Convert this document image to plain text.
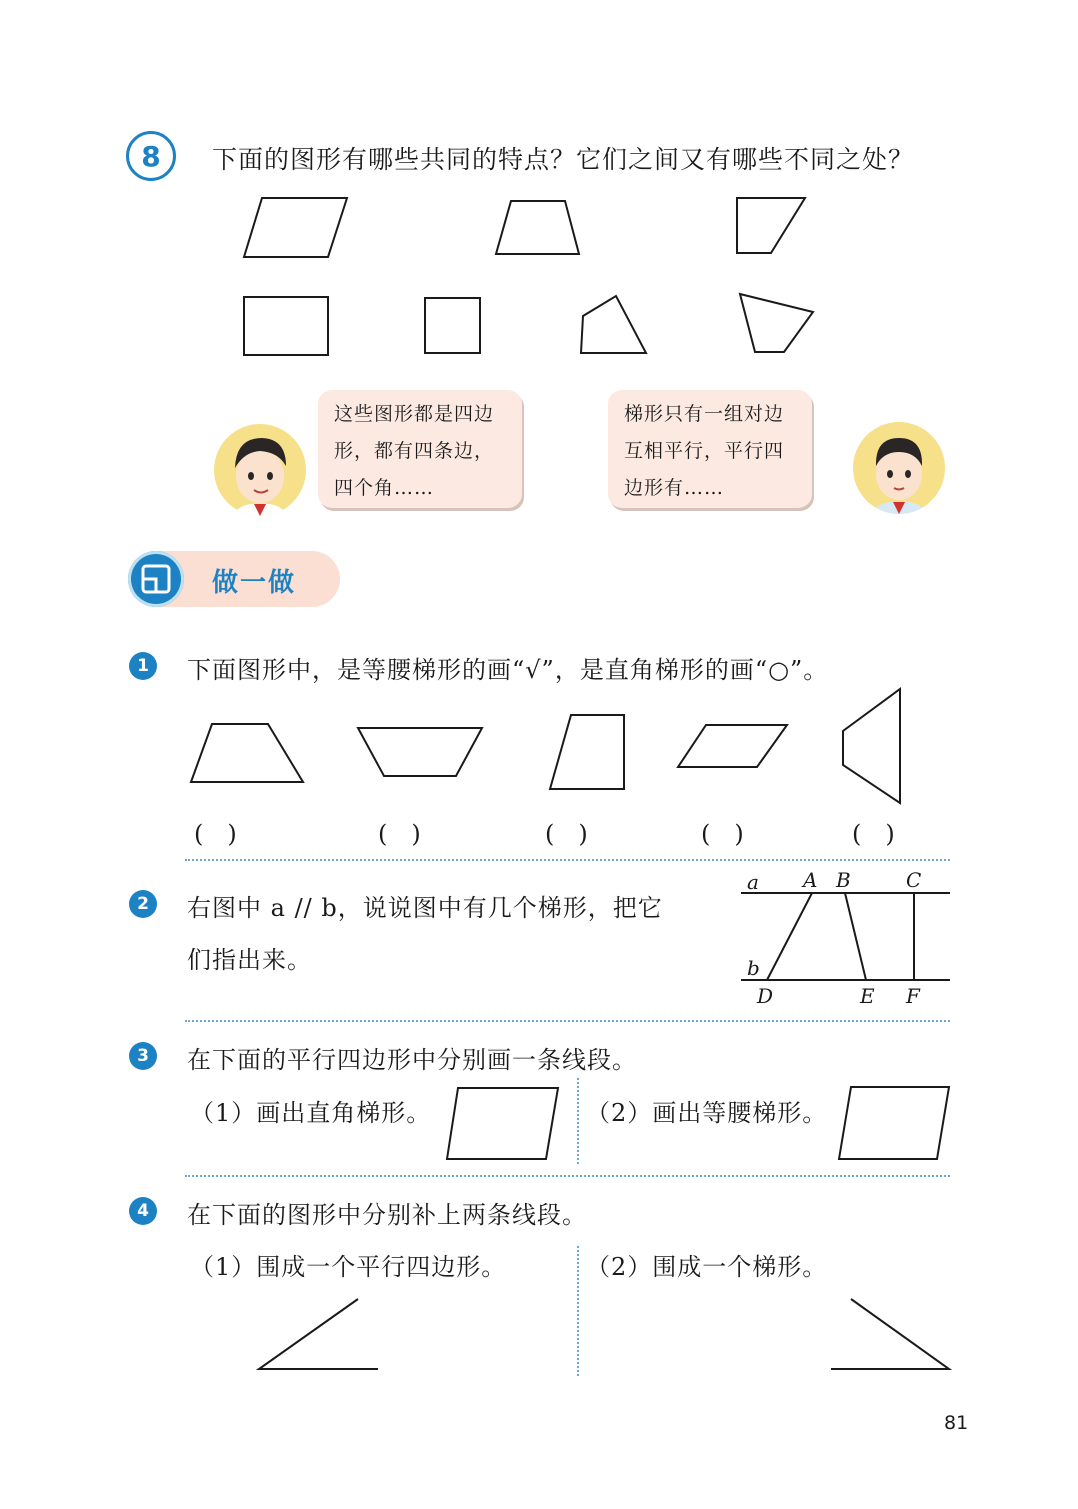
8	下面的图形有哪些共同的特点？它们之间又有哪些不同之处？
这些图形都是四边
形，都有四条边，
四个角……
梯形只有一组对边
互相平行，平行四
边形有……
做一做
1	下面图形中，是等腰梯形的画“√”，是直角梯形的画“○”。
(　)	(　)	(　)	(　)	(　)
2	右图中 a // b，说说图中有几个梯形，把它
们指出来。
a A B	C
b
D	E F
3	在下面的平行四边形中分别画一条线段。
（1）画出直角梯形。	（2）画出等腰梯形。
4	在下面的图形中分别补上两条线段。
（1）围成一个平行四边形。	（2）围成一个梯形。
81
